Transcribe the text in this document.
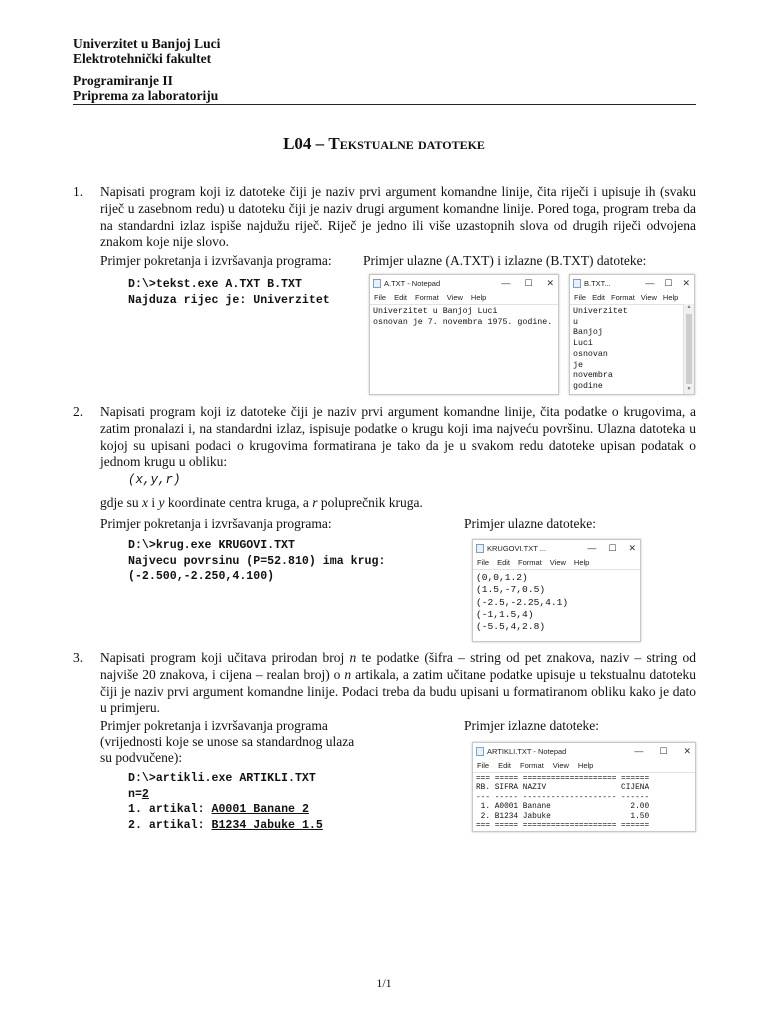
Univerzitet u Banjoj Luci
Elektrotehnički fakultet
Programiranje II
Priprema za laboratoriju
L04 – Tekstualne datoteke
1. Napisati program koji iz datoteke čiji je naziv prvi argument komandne linije, čita riječi i upisuje ih (svaku riječ u zasebnom redu) u datoteku čiji je naziv drugi argument komandne linije. Pored toga, program treba da na standardni izlaz ispiše najdužu riječ. Riječ je jedno ili više uzastopnih slova od drugih riječi odvojena znakom koje nije slovo.
Primjer pokretanja i izvršavanja programa: Primjer ulazne (A.TXT) i izlazne (B.TXT) datoteke:
D:\>tekst.exe A.TXT B.TXT
Najduza rijec je: Univerzitet
A.TXT - Notepad	— ☐ ✕
File Edit Format View Help
Univerzitet u Banjoj Luci
osnovan je 7. novembra 1975. godine.
B.TXT...	— ☐ ✕
File Edit Format View Help
Univerzitet
u
Banjoj
Luci
osnovan
je
novembra
godine
▲
▼
2. Napisati program koji iz datoteke čiji je naziv prvi argument komandne linije, čita podatke o krugovima, a zatim pronalazi i, na standardni izlaz, ispisuje podatke o krugu koji ima najveću površinu. Ulazna datoteka u kojoj su upisani podaci o krugovima formatirana je tako da je u svakom redu datoteke upisan podatak o jednom krugu u obliku:
(x,y,r)
gdje su x i y koordinate centra kruga, a r poluprečnik kruga.
Primjer pokretanja i izvršavanja programa:	Primjer ulazne datoteke:
D:\>krug.exe KRUGOVI.TXT
Najvecu povrsinu (P=52.810) ima krug:
(-2.500,-2.250,4.100)
KRUGOVI.TXT ...	— ☐ ✕
File Edit Format View Help
(0,0,1.2)
(1.5,-7,0.5)
(-2.5,-2.25,4.1)
(-1,1.5,4)
(-5.5,4,2.8)
3. Napisati program koji učitava prirodan broj n te podatke (šifra – string od pet znakova, naziv – string od najviše 20 znakova, i cijena – realan broj) o n artikala, a zatim učitane podatke upisuje u tekstualnu datoteku čiji je naziv prvi argument komandne linije. Podaci treba da budu upisani u formatiranom obliku kako je dato u primjeru.
Primjer pokretanja i izvršavanja programa
(vrijednosti koje se unose sa standardnog ulaza
su podvučene):
Primjer izlazne datoteke:
D:\>artikli.exe ARTIKLI.TXT
n=2
1. artikal: A0001 Banane 2
2. artikal: B1234 Jabuke 1.5
ARTIKLI.TXT - Notepad	— ☐ ✕
File Edit Format View Help
=== ===== ==================== ======
RB. SIFRA NAZIV                CIJENA
--- ----- -------------------- ------
1. A0001 Banane                 2.00
2. B1234 Jabuke                 1.50
=== ===== ==================== ======
1/1
